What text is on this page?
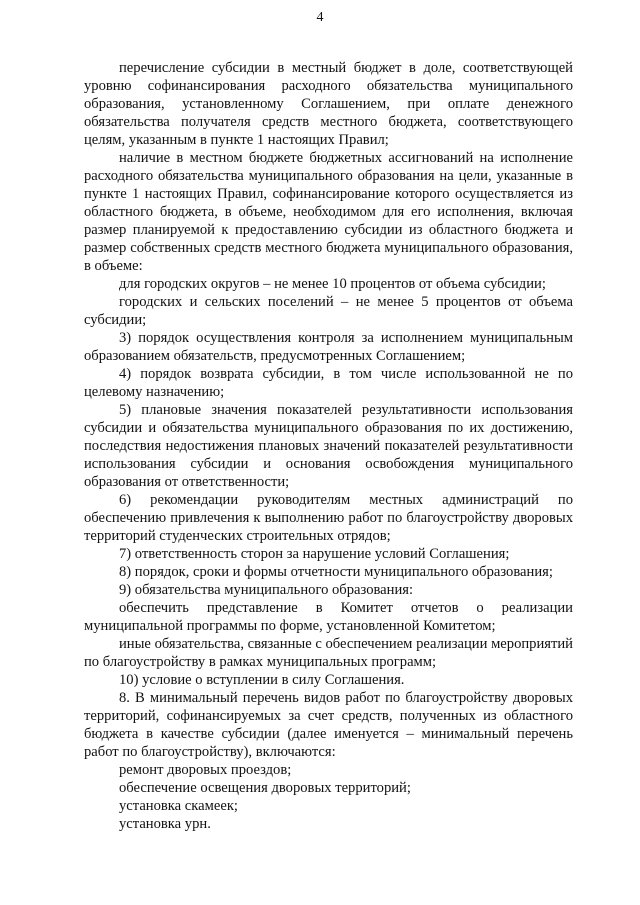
4

перечисление субсидии в местный бюджет в доле, соответствующей уровню софинансирования расходного обязательства муниципального образования, установленному Соглашением, при оплате денежного обязательства получателя средств местного бюджета, соответствующего целям, указанным в пункте 1 настоящих Правил;

наличие в местном бюджете бюджетных ассигнований на исполнение расходного обязательства муниципального образования на цели, указанные в пункте 1 настоящих Правил, софинансирование которого осуществляется из областного бюджета, в объеме, необходимом для его исполнения, включая размер планируемой к предоставлению субсидии из областного бюджета и размер собственных средств местного бюджета муниципального образования, в объеме:

для городских округов – не менее 10 процентов от объема субсидии;

городских и сельских поселений – не менее 5 процентов от объема субсидии;

3) порядок осуществления контроля за исполнением муниципальным образованием обязательств, предусмотренных Соглашением;

4) порядок возврата субсидии, в том числе использованной не по целевому назначению;

5) плановые значения показателей результативности использования субсидии и обязательства муниципального образования по их достижению, последствия недостижения плановых значений показателей результативности использования субсидии и основания освобождения муниципального образования от ответственности;

6) рекомендации руководителям местных администраций по обеспечению привлечения к выполнению работ по благоустройству дворовых территорий студенческих строительных отрядов;

7) ответственность сторон за нарушение условий Соглашения;

8) порядок, сроки и формы отчетности муниципального образования;

9) обязательства муниципального образования:

обеспечить представление в Комитет отчетов о реализации муниципальной программы по форме, установленной Комитетом;

иные обязательства, связанные с обеспечением реализации мероприятий по благоустройству в рамках муниципальных программ;

10) условие о вступлении в силу Соглашения.

8. В минимальный перечень видов работ по благоустройству дворовых территорий, софинансируемых за счет средств, полученных из областного бюджета в качестве субсидии (далее именуется – минимальный перечень работ по благоустройству), включаются:

ремонт дворовых проездов;

обеспечение освещения дворовых территорий;

установка скамеек;

установка урн.
